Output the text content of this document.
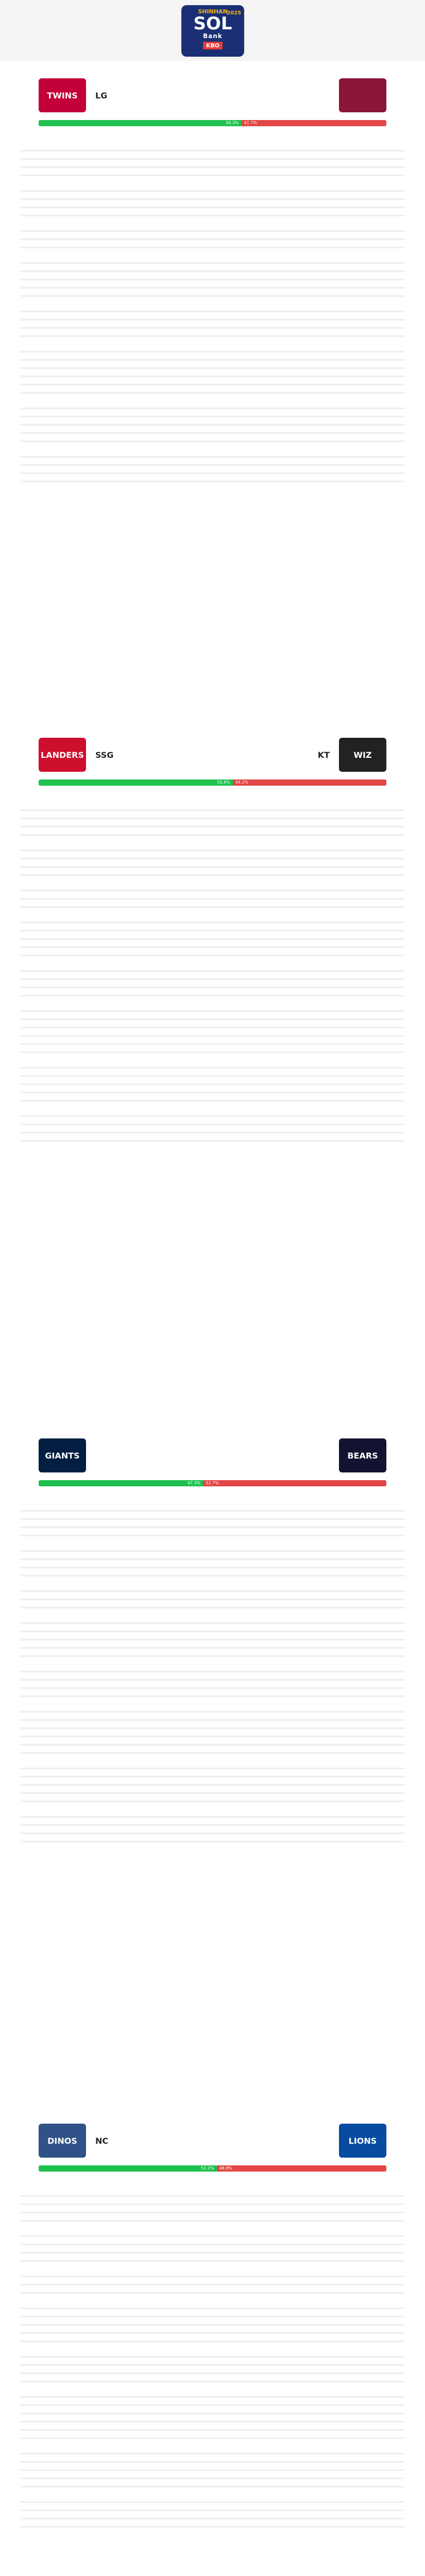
SHINHAN
SOL
Bank
KBO
2025
TWINS LG
58.3%	41.7%
LANDERS SSG	WIZ
KT
55.8%	44.2%
GIANTS	BEARS
47.3%	52.7%
DINOS NC	LIONS
51.2%	48.8%
